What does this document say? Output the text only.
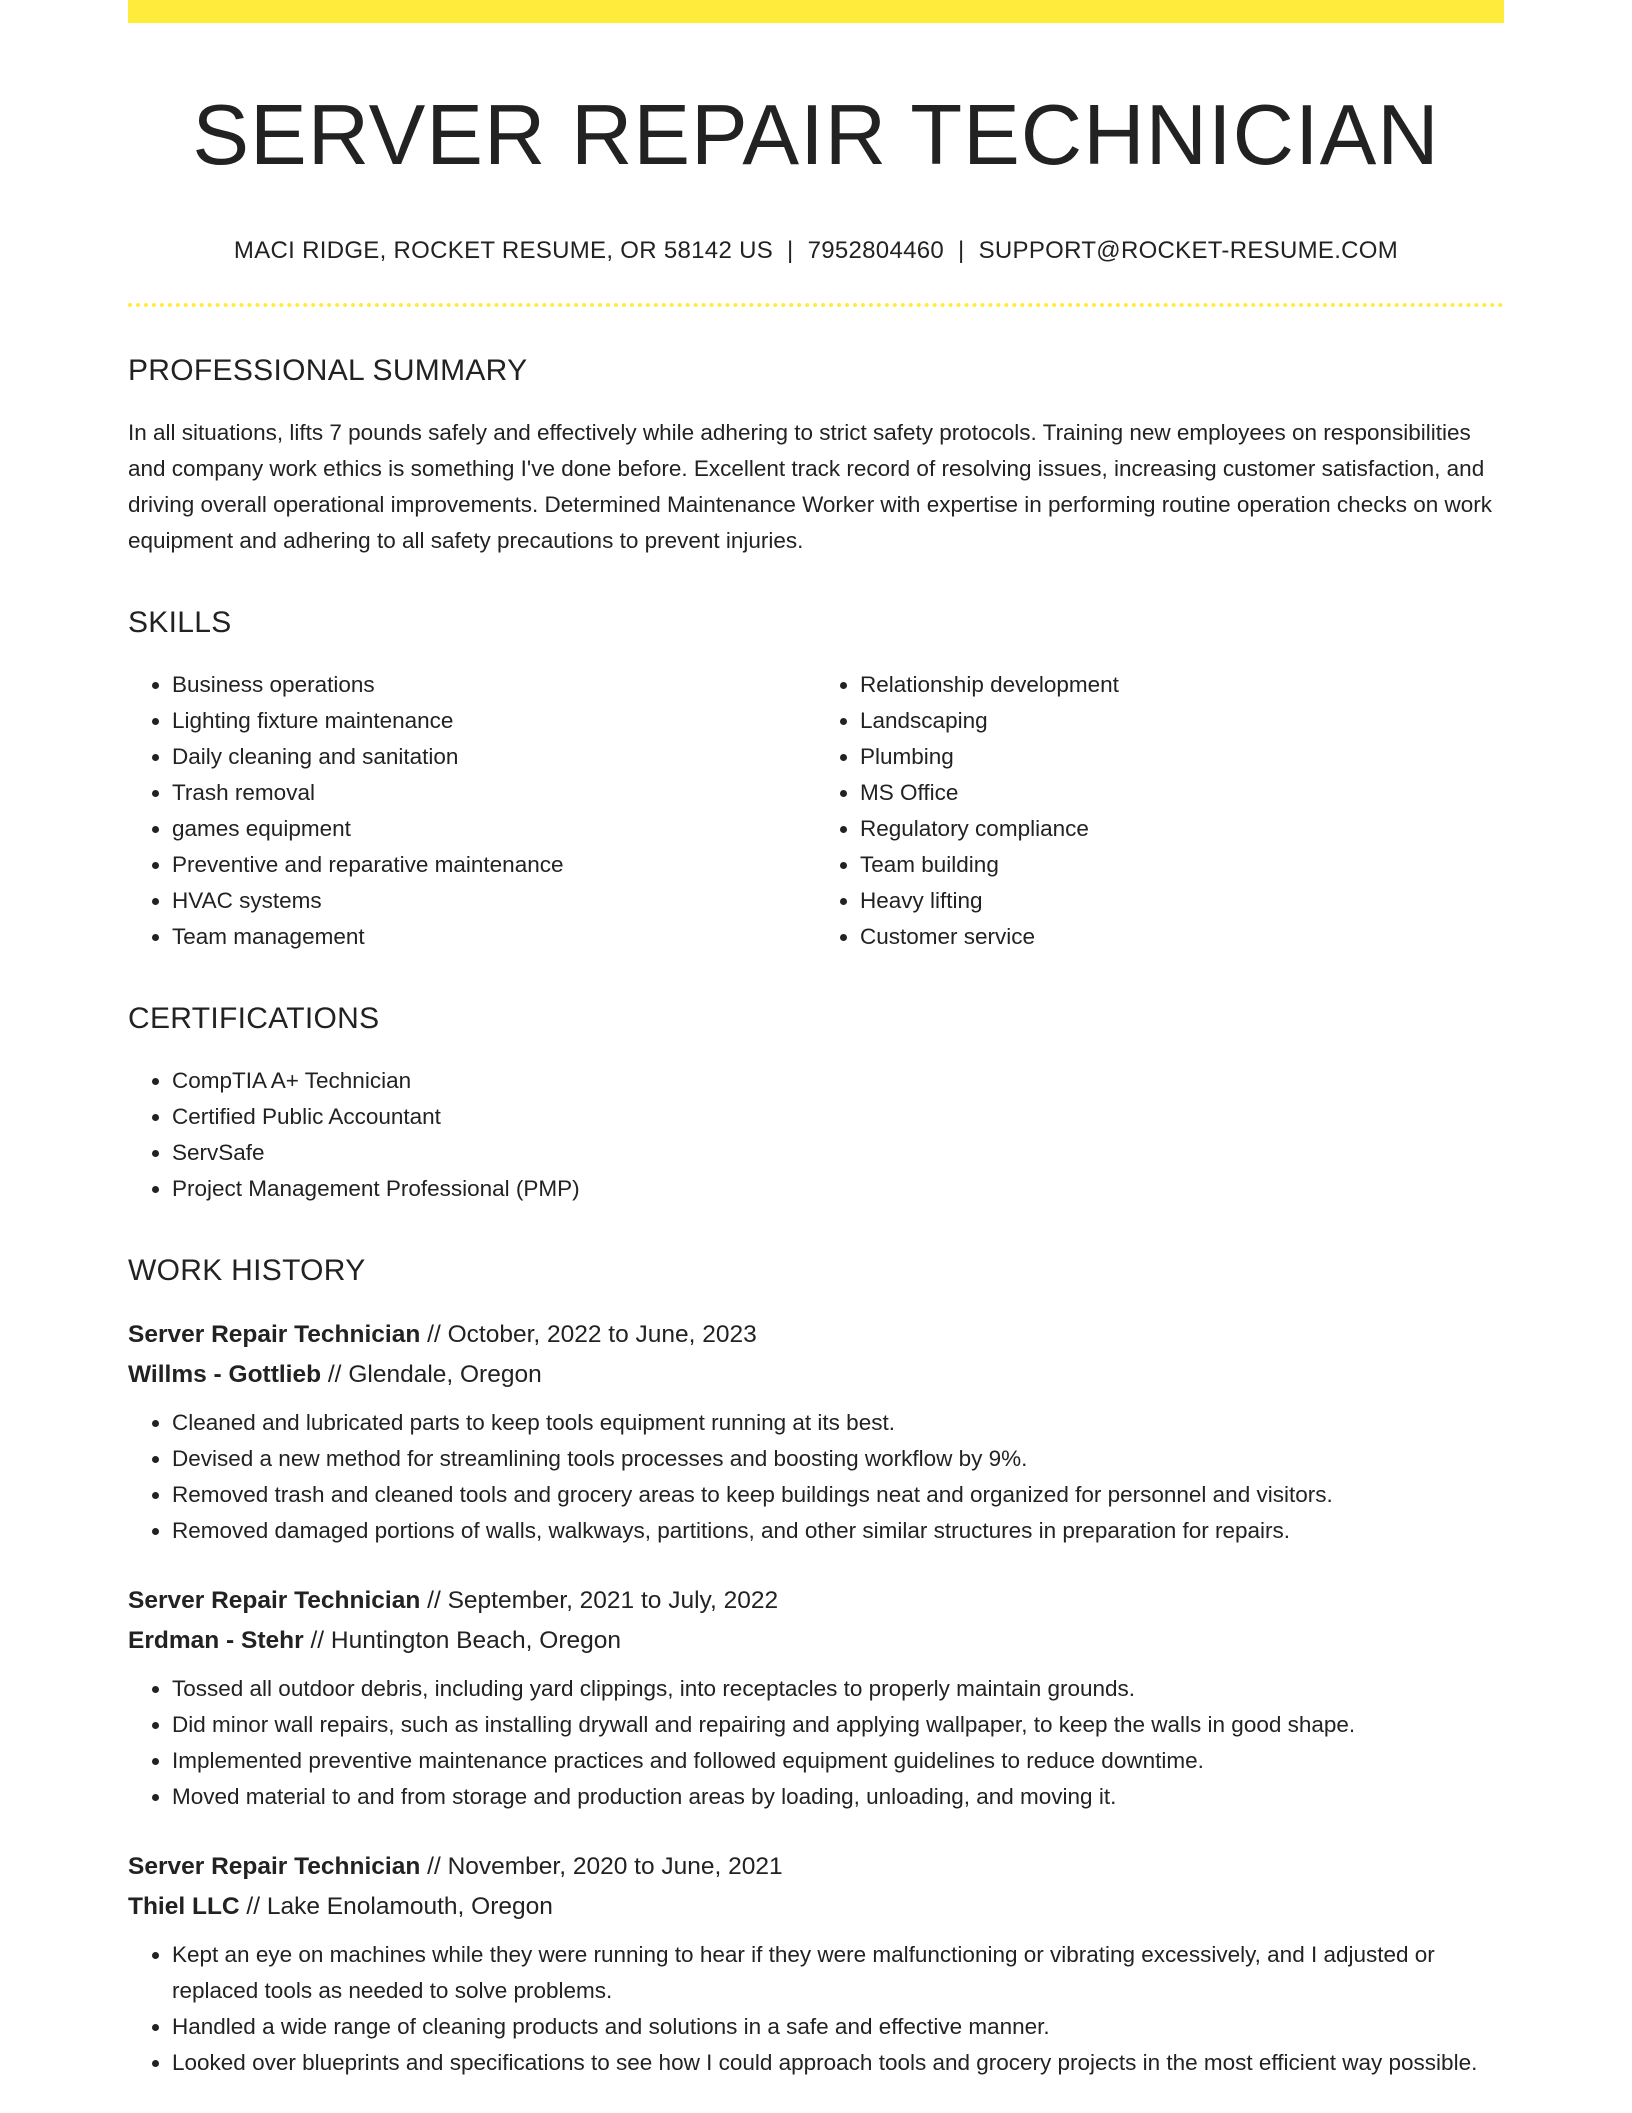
SERVER REPAIR TECHNICIAN
MACI RIDGE, ROCKET RESUME, OR 58142 US | 7952804460 | SUPPORT@ROCKET-RESUME.COM
PROFESSIONAL SUMMARY

In all situations, lifts 7 pounds safely and effectively while adhering to strict safety protocols. Training new employees on responsibilities and company work ethics is something I've done before. Excellent track record of resolving issues, increasing customer satisfaction, and driving overall operational improvements. Determined Maintenance Worker with expertise in performing routine operation checks on work equipment and adhering to all safety precautions to prevent injuries.

SKILLS
• Business operations
• Lighting fixture maintenance
• Daily cleaning and sanitation
• Trash removal
• games equipment
• Preventive and reparative maintenance
• HVAC systems
• Team management
• Relationship development
• Landscaping
• Plumbing
• MS Office
• Regulatory compliance
• Team building
• Heavy lifting
• Customer service
CERTIFICATIONS
• CompTIA A+ Technician
• Certified Public Accountant
• ServSafe
• Project Management Professional (PMP)
WORK HISTORY
Server Repair Technician // October, 2022 to June, 2023
Willms - Gottlieb // Glendale, Oregon
• Cleaned and lubricated parts to keep tools equipment running at its best.
• Devised a new method for streamlining tools processes and boosting workflow by 9%.
• Removed trash and cleaned tools and grocery areas to keep buildings neat and organized for personnel and visitors.
• Removed damaged portions of walls, walkways, partitions, and other similar structures in preparation for repairs.
Server Repair Technician // September, 2021 to July, 2022
Erdman - Stehr // Huntington Beach, Oregon
• Tossed all outdoor debris, including yard clippings, into receptacles to properly maintain grounds.
• Did minor wall repairs, such as installing drywall and repairing and applying wallpaper, to keep the walls in good shape.
• Implemented preventive maintenance practices and followed equipment guidelines to reduce downtime.
• Moved material to and from storage and production areas by loading, unloading, and moving it.
Server Repair Technician // November, 2020 to June, 2021
Thiel LLC // Lake Enolamouth, Oregon
• Kept an eye on machines while they were running to hear if they were malfunctioning or vibrating excessively, and I adjusted or replaced tools as needed to solve problems.
• Handled a wide range of cleaning products and solutions in a safe and effective manner.
• Looked over blueprints and specifications to see how I could approach tools and grocery projects in the most efficient way possible.
